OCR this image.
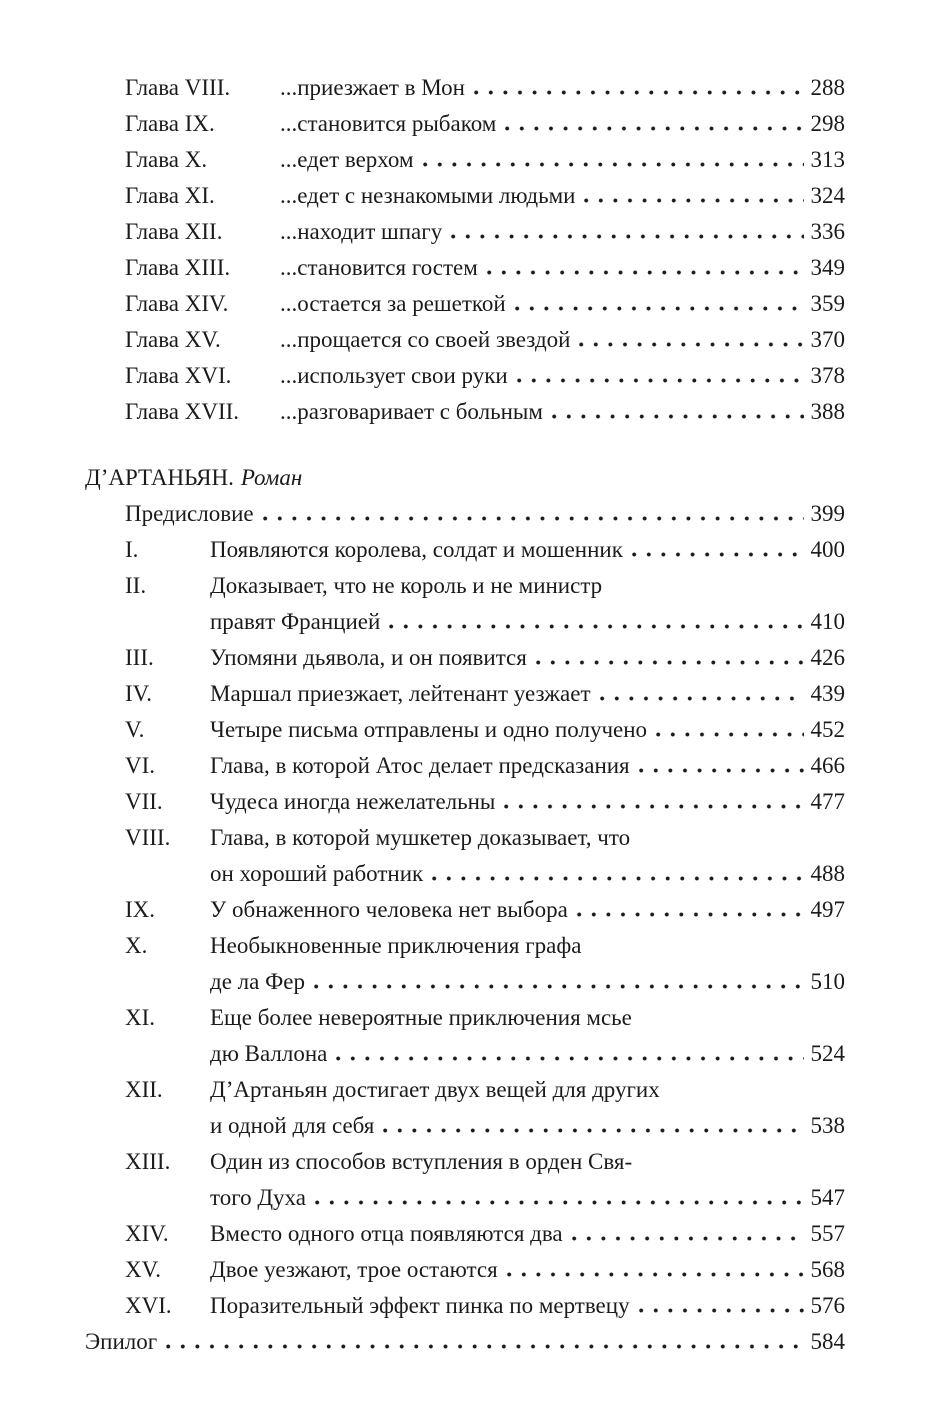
Глава VIII.	...приезжает в Мон	288
Глава IX.	...становится рыбаком	298
Глава X.	...едет верхом	313
Глава XI.	...едет с незнакомыми людьми	324
Глава XII.	...находит шпагу	336
Глава XIII.	...становится гостем	349
Глава XIV.	...остается за решеткой	359
Глава XV.	...прощается со своей звездой	370
Глава XVI.	...использует свои руки	378
Глава XVII.	...разговаривает с больным	388
Д’АРТАНЬЯН. Роман
Предисловие	399
I.	Появляются королева, солдат и мошенник	400
II.	Доказывает, что не король и не министр
правят Францией	410
III.	Упомяни дьявола, и он появится	426
IV.	Маршал приезжает, лейтенант уезжает	439
V.	Четыре письма отправлены и одно получено	452
VI.	Глава, в которой Атос делает предсказания	466
VII.	Чудеса иногда нежелательны	477
VIII.	Глава, в которой мушкетер доказывает, что
он хороший работник	488
IX.	У обнаженного человека нет выбора	497
X.	Необыкновенные приключения графа
де ла Фер	510
XI.	Еще более невероятные приключения мсье
дю Валлона	524
XII.	Д’Артаньян достигает двух вещей для других
и одной для себя	538
XIII.	Один из способов вступления в орден Свя-
того Духа	547
XIV.	Вместо одного отца появляются два	557
XV.	Двое уезжают, трое остаются	568
XVI.	Поразительный эффект пинка по мертвецу	576
Эпилог	584
